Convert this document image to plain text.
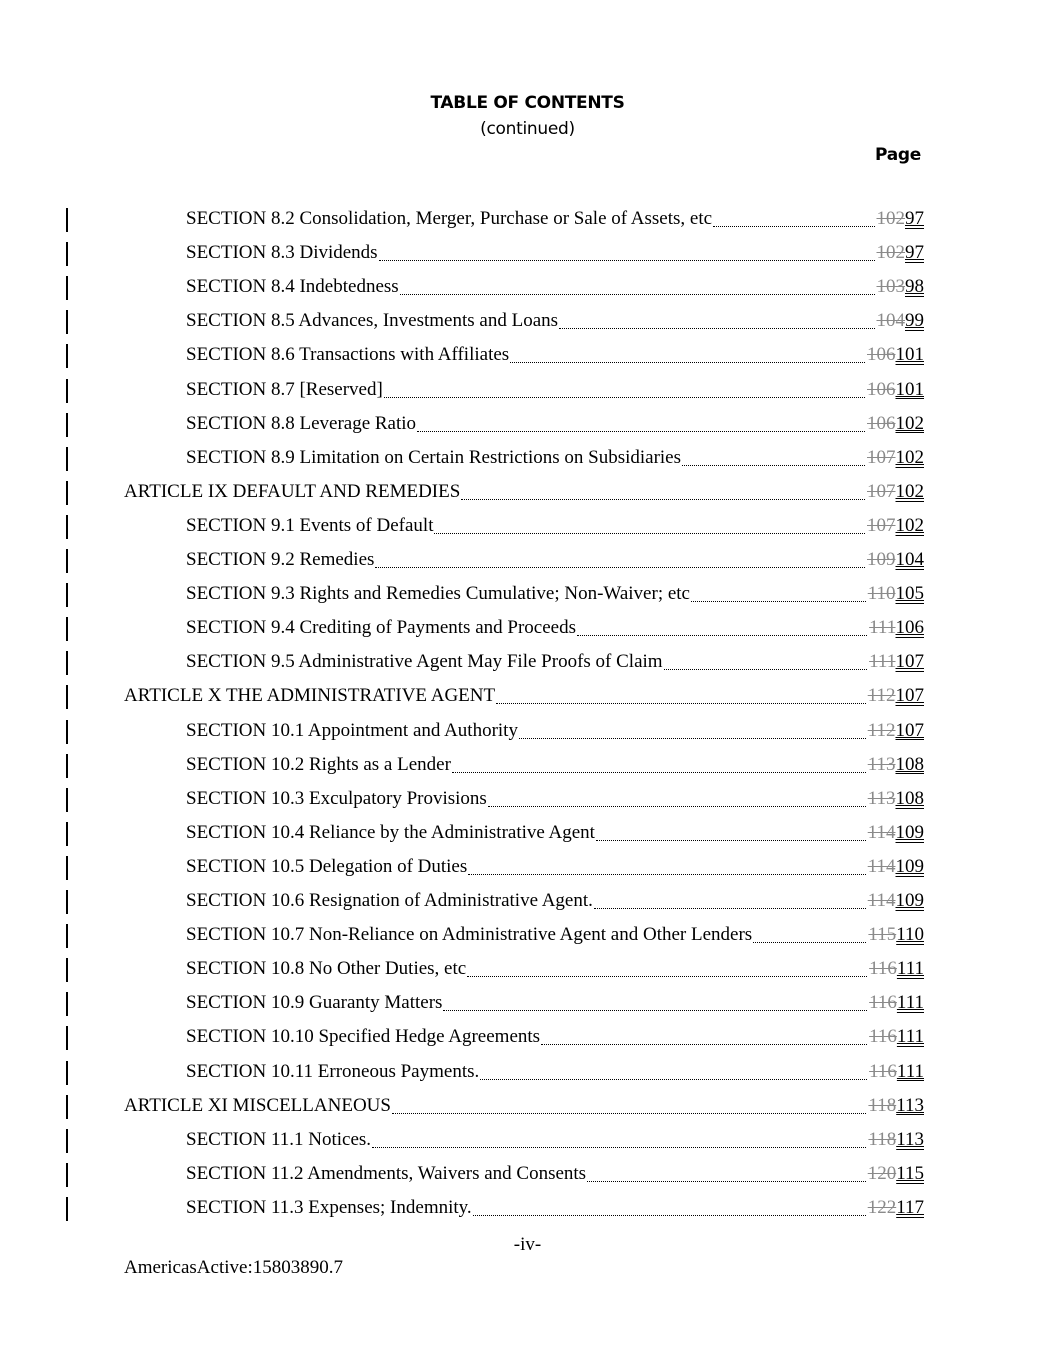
TABLE OF CONTENTS
(continued)
Page
SECTION 8.2 Consolidation, Merger, Purchase or Sale of Assets, etc	10297
SECTION 8.3 Dividends	10297
SECTION 8.4 Indebtedness	10398
SECTION 8.5 Advances, Investments and Loans	10499
SECTION 8.6 Transactions with Affiliates	106101
SECTION 8.7 [Reserved]	106101
SECTION 8.8 Leverage Ratio	106102
SECTION 8.9 Limitation on Certain Restrictions on Subsidiaries	107102
ARTICLE IX DEFAULT AND REMEDIES	107102
SECTION 9.1 Events of Default	107102
SECTION 9.2 Remedies	109104
SECTION 9.3 Rights and Remedies Cumulative; Non-Waiver; etc	110105
SECTION 9.4 Crediting of Payments and Proceeds	111106
SECTION 9.5 Administrative Agent May File Proofs of Claim	111107
ARTICLE X THE ADMINISTRATIVE AGENT	112107
SECTION 10.1 Appointment and Authority	112107
SECTION 10.2 Rights as a Lender	113108
SECTION 10.3 Exculpatory Provisions	113108
SECTION 10.4 Reliance by the Administrative Agent	114109
SECTION 10.5 Delegation of Duties	114109
SECTION 10.6 Resignation of Administrative Agent.	114109
SECTION 10.7 Non-Reliance on Administrative Agent and Other Lenders	115110
SECTION 10.8 No Other Duties, etc	116111
SECTION 10.9 Guaranty Matters	116111
SECTION 10.10 Specified Hedge Agreements	116111
SECTION 10.11 Erroneous Payments.	116111
ARTICLE XI MISCELLANEOUS	118113
SECTION 11.1 Notices.	118113
SECTION 11.2 Amendments, Waivers and Consents	120115
SECTION 11.3 Expenses; Indemnity.	122117
-iv-
AmericasActive:15803890.7
